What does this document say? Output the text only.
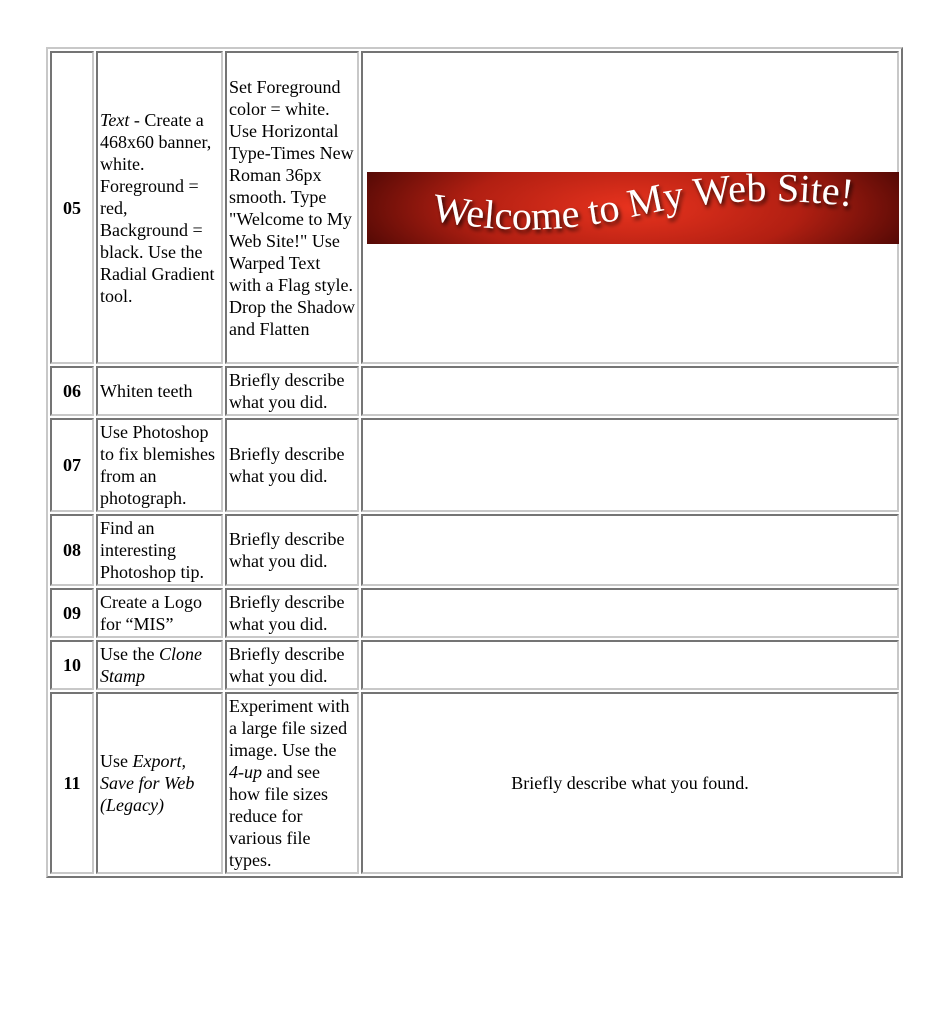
05	Text - Create a 468x60 banner, white. Foreground = red, Background = black. Use the Radial Gradient tool.	Set Foreground color = white. Use Horizontal Type-Times New Roman 36px smooth. Type "Welcome to My Web Site!" Use Warped Text with a Flag style. Drop the Shadow and Flatten	Welcome to My Web Site!

06	Whiten teeth	Briefly describe what you did.	
07	Use Photoshop to fix blemishes from an photograph.	Briefly describe what you did.	
08	Find an interesting Photoshop tip.	Briefly describe what you did.	
09	Create a Logo for “MIS”	Briefly describe what you did.	
10	Use the Clone Stamp	Briefly describe what you did.	
11	Use Export, Save for Web (Legacy)	Experiment with a large file sized image. Use the 4-up and see how file sizes reduce for various file types.	Briefly describe what you found.
